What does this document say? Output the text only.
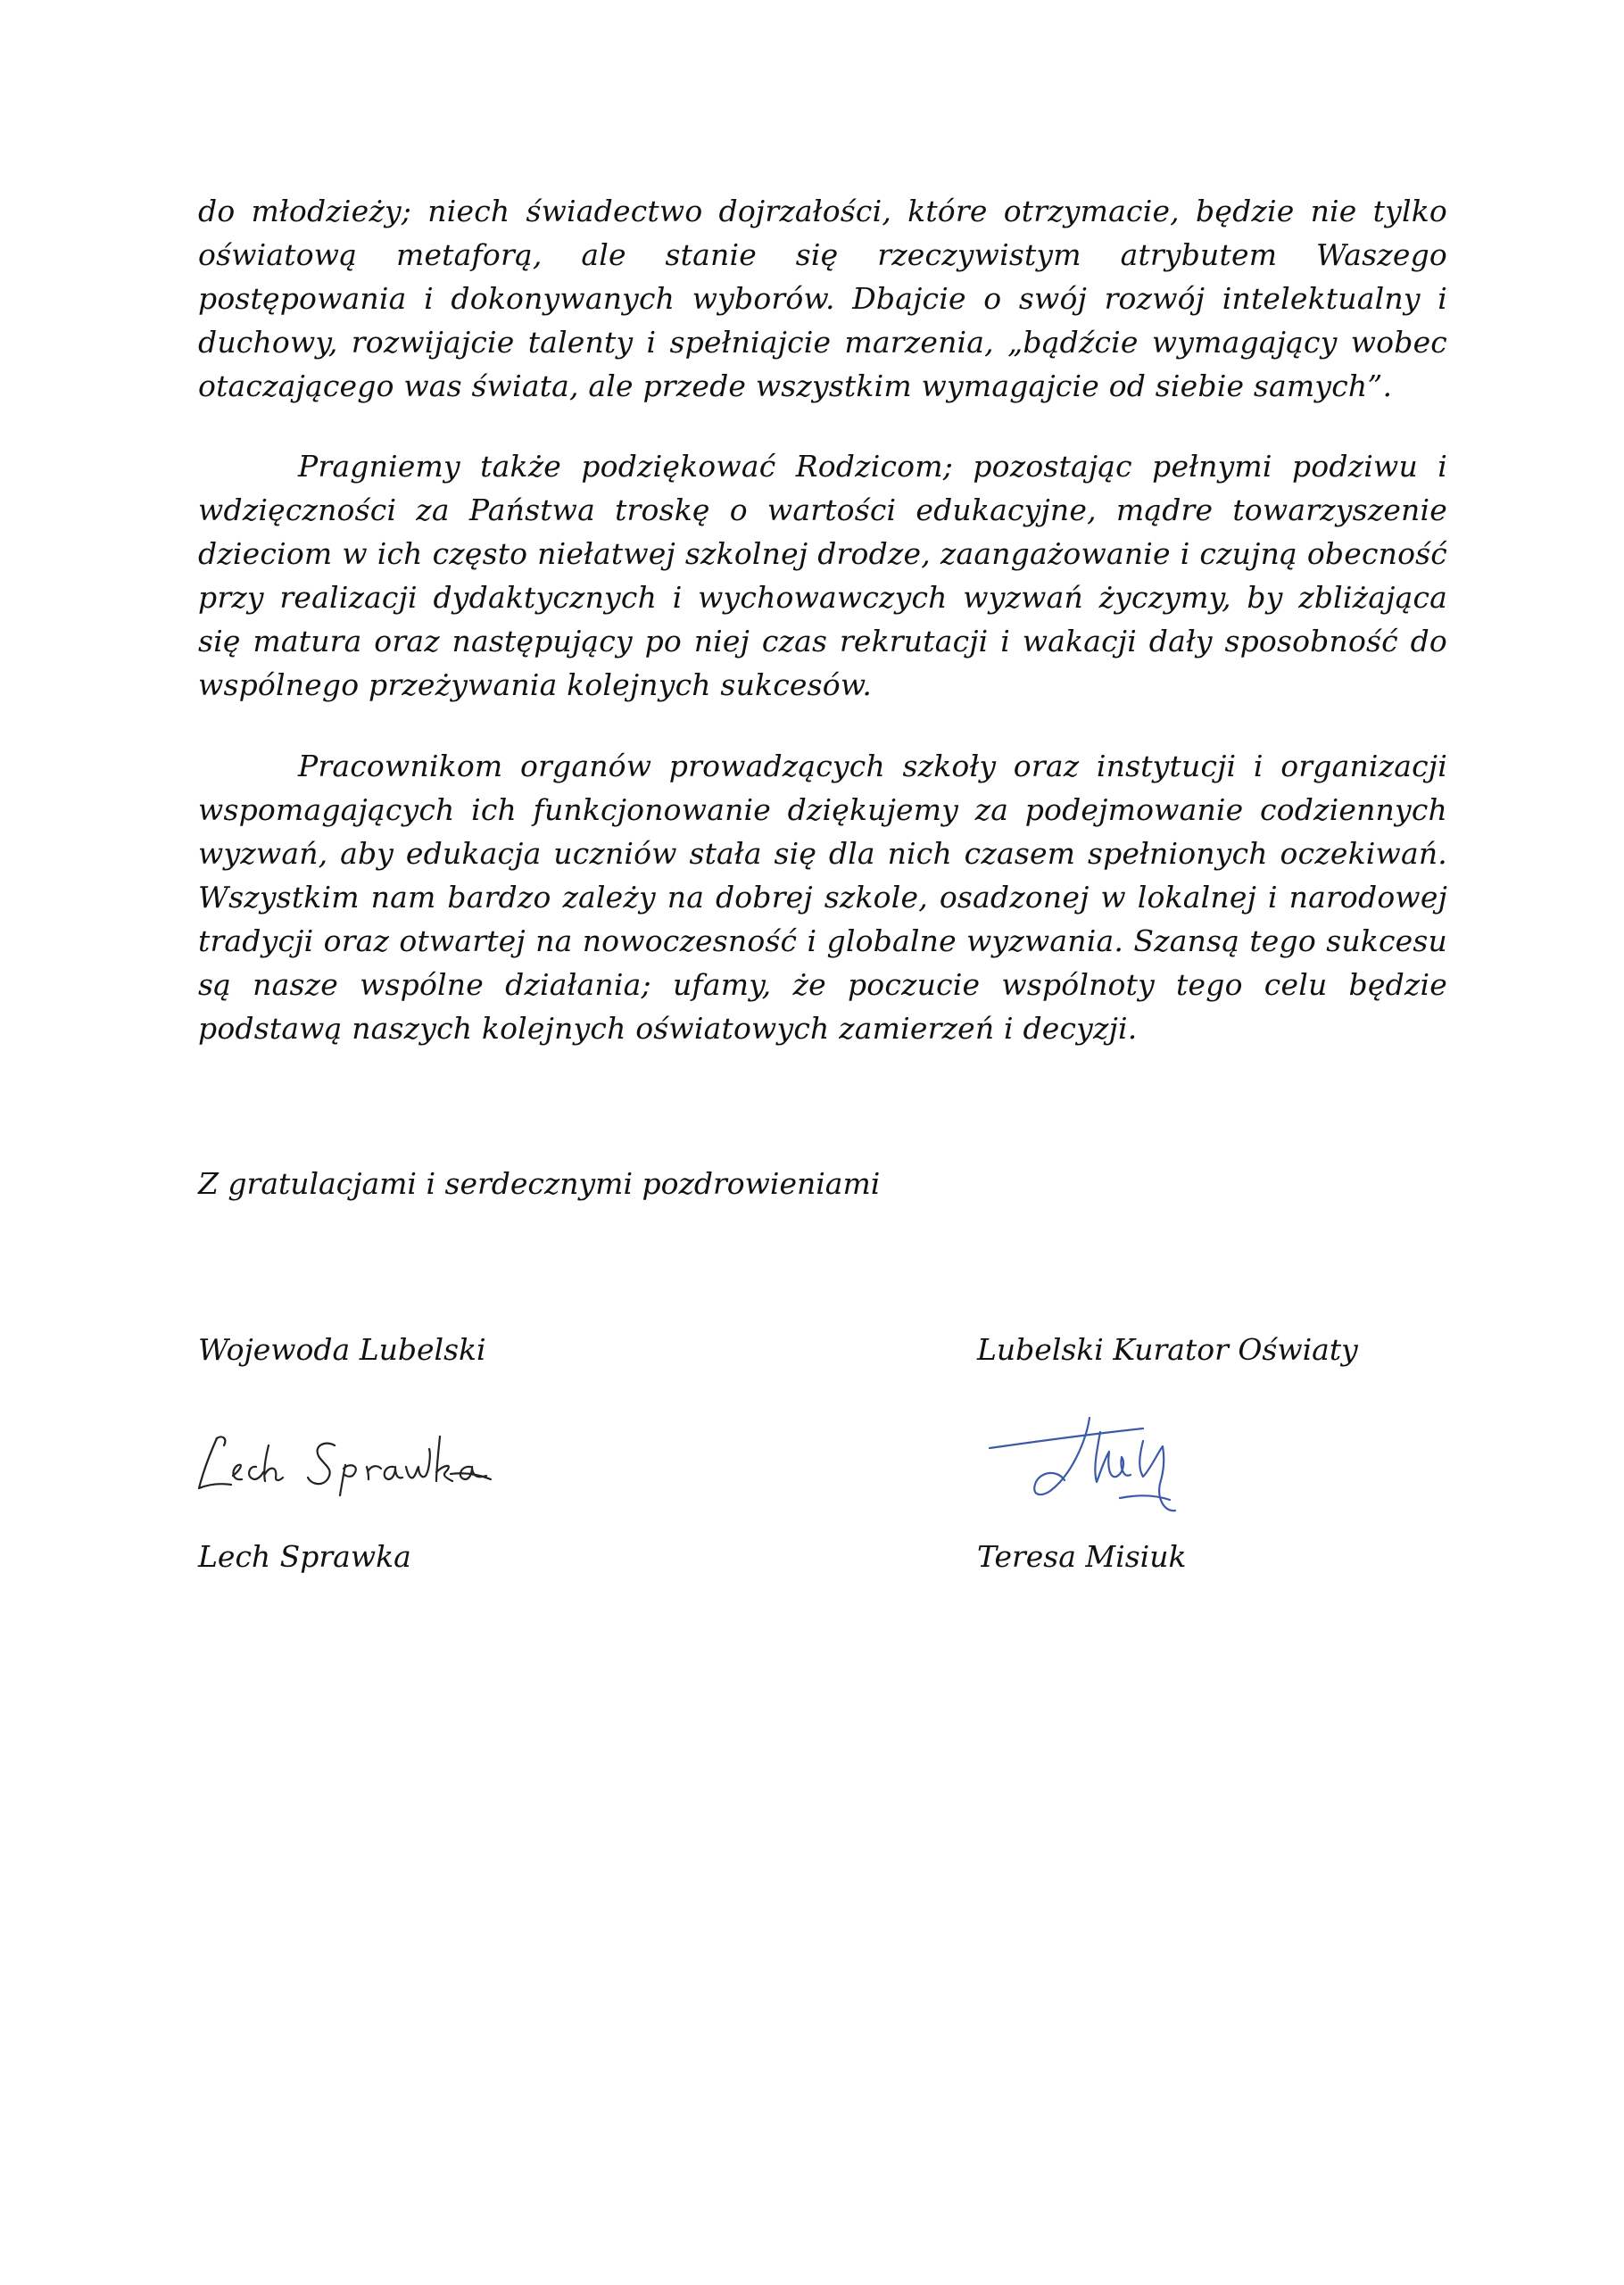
do młodzieży; niech świadectwo dojrzałości, które otrzymacie, będzie nie tylko oświatową metaforą, ale stanie się rzeczywistym atrybutem Waszego postępowania i dokonywanych wyborów. Dbajcie o swój rozwój intelektualny i duchowy, rozwijajcie talenty i spełniajcie marzenia, „bądźcie wymagający wobec otaczającego was świata, ale przede wszystkim wymagajcie od siebie samych”.

Pragniemy także podziękować Rodzicom; pozostając pełnymi podziwu i wdzięczności za Państwa troskę o wartości edukacyjne, mądre towarzyszenie dzieciom w ich często niełatwej szkolnej drodze, zaangażowanie i czujną obecność przy realizacji dydaktycznych i wychowawczych wyzwań życzymy, by zbliżająca się matura oraz następujący po niej czas rekrutacji i wakacji dały sposobność do wspólnego przeżywania kolejnych sukcesów.

Pracownikom organów prowadzących szkoły oraz instytucji i organizacji wspomagających ich funkcjonowanie dziękujemy za podejmowanie codziennych wyzwań, aby edukacja uczniów stała się dla nich czasem spełnionych oczekiwań. Wszystkim nam bardzo zależy na dobrej szkole, osadzonej w lokalnej i narodowej tradycji oraz otwartej na nowoczesność i globalne wyzwania. Szansą tego sukcesu są nasze wspólne działania; ufamy, że poczucie wspólnoty tego celu będzie podstawą naszych kolejnych oświatowych zamierzeń i decyzji.

Z gratulacjami i serdecznymi pozdrowieniami

Wojewoda Lubelski	Lubelski Kurator Oświaty

Lech Sprawka	Teresa Misiuk
